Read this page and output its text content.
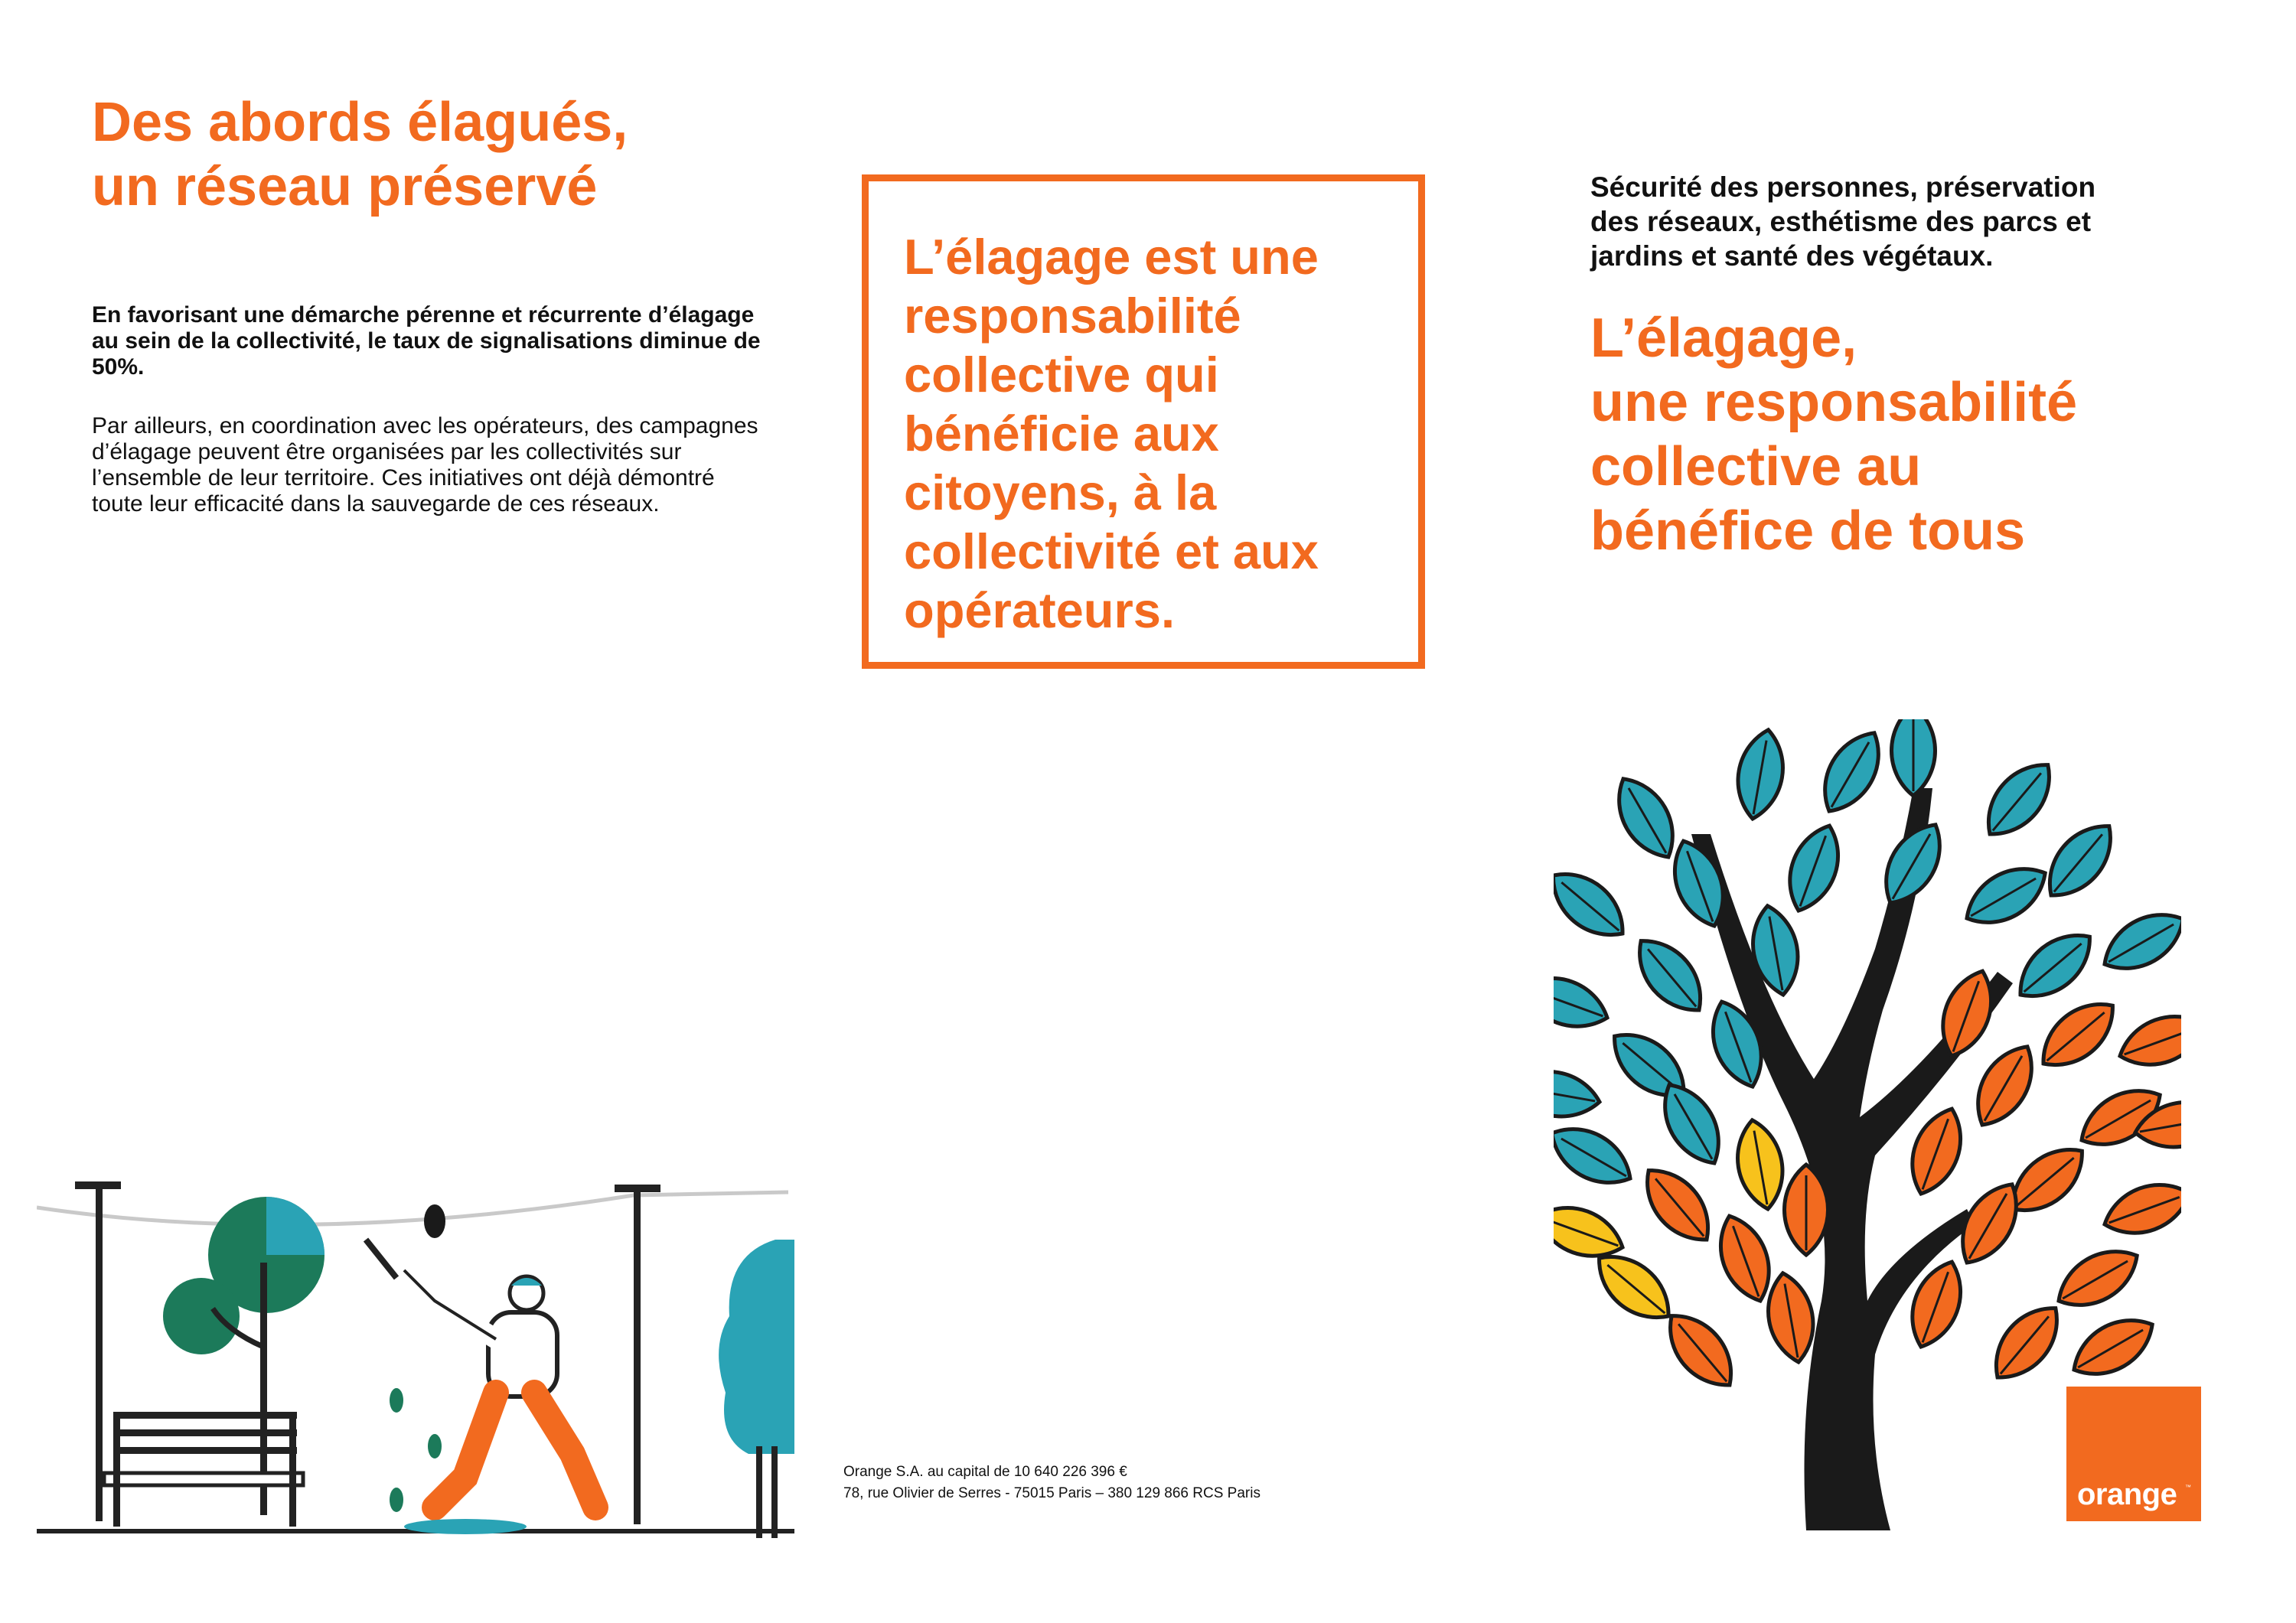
Des abords élagués,
un réseau préservé

En favorisant une démarche pérenne et récurrente d’élagage au sein de la collectivité, le taux de signalisations diminue de 50%.

Par ailleurs, en coordination avec les opérateurs, des campagnes d’élagage peuvent être organisées par les collectivités sur l’ensemble de leur territoire. Ces initiatives ont déjà démontré toute leur efficacité dans la sauvegarde de ces réseaux.

L’élagage est une
responsabilité
collective qui
bénéficie aux
citoyens, à la
collectivité et aux
opérateurs.

Orange S.A. au capital de 10 640 226 396 €
78, rue Olivier de Serres - 75015 Paris – 380 129 866 RCS Paris

Sécurité des personnes, préservation
des réseaux, esthétisme des parcs et
jardins et santé des végétaux.

L’élagage,
une responsabilité
collective au
bénéfice de tous
orange ™
